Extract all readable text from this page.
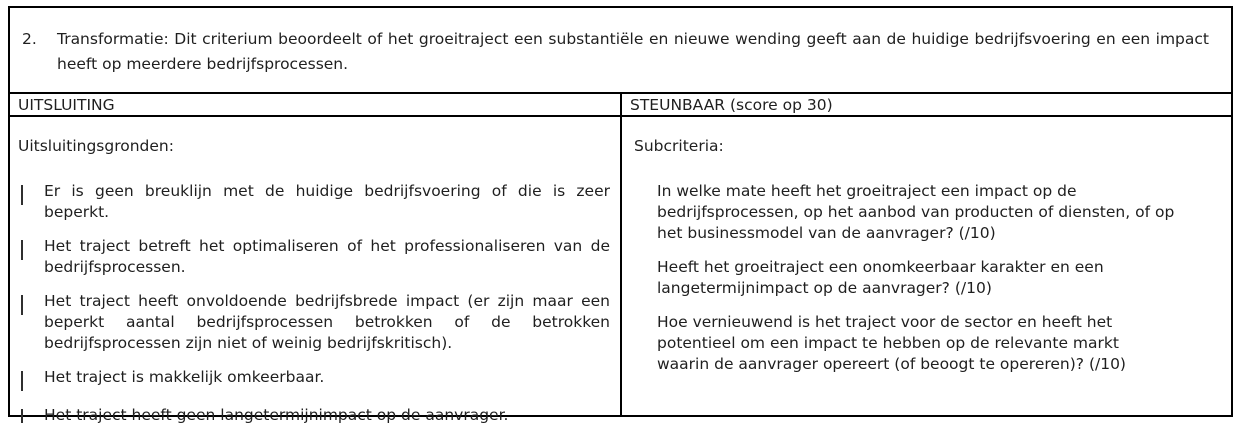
2.	Transformatie: Dit criterium beoordeelt of het groeitraject een substantiële en nieuwe wending geeft aan de huidige bedrijfsvoering en een impact heeft op meerdere bedrijfsprocessen.

UITSLUITING	STEUNBAAR (score op 30)

Uitsluitingsgronden:

Er is geen breuklijn met de huidige bedrijfsvoering of die is zeer beperkt.
Het traject betreft het optimaliseren of het professionaliseren van de bedrijfsprocessen.
Het traject heeft onvoldoende bedrijfsbrede impact (er zijn maar een beperkt aantal bedrijfsprocessen betrokken of de betrokken bedrijfsprocessen zijn niet of weinig bedrijfskritisch).
Het traject is makkelijk omkeerbaar.
Het traject heeft geen langetermijnimpact op de aanvrager.

Subcriteria:

In welke mate heeft het groeitraject een impact op de bedrijfsprocessen, op het aanbod van producten of diensten, of op het businessmodel van de aanvrager? (/10)
Heeft het groeitraject een onomkeerbaar karakter en een langetermijnimpact op de aanvrager? (/10)
Hoe vernieuwend is het traject voor de sector en heeft het potentieel om een impact te hebben op de relevante markt waarin de aanvrager opereert (of beoogt te opereren)? (/10)
